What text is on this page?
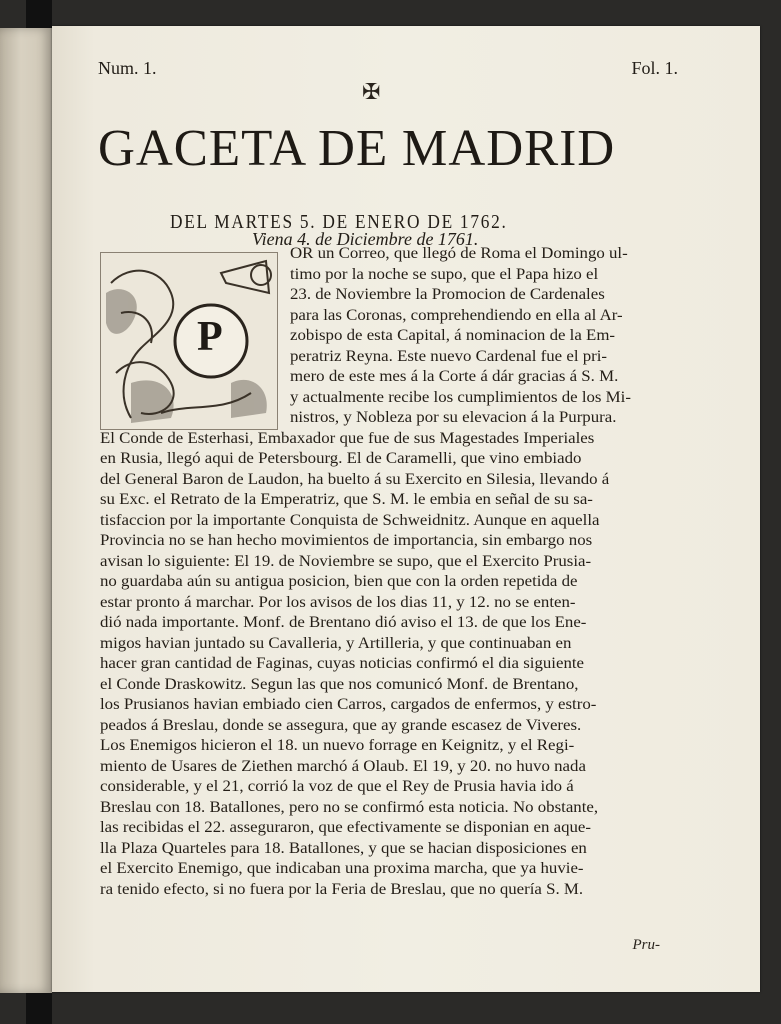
Num. 1.	Fol. 1.
✠
GACETA DE MADRID
DEL MARTES 5. DE ENERO DE 1762.
Viena 4. de Diciembre de 1761.
P
OR un Correo, que llegó de Roma el Domingo ul-
timo por la noche se supo, que el Papa hizo el
23. de Noviembre la Promocion de Cardenales
para las Coronas, comprehendiendo en ella al Ar-
zobispo de esta Capital, á nominacion de la Em-
peratriz Reyna. Este nuevo Cardenal fue el pri-
mero de este mes á la Corte á dár gracias á S. M.
y actualmente recibe los cumplimientos de los Mi-
nistros, y Nobleza por su elevacion á la Purpura.
El Conde de Esterhasi, Embaxador que fue de sus Magestades Imperiales
en Rusia, llegó aqui de Petersbourg. El de Caramelli, que vino embiado
del General Baron de Laudon, ha buelto á su Exercito en Silesia, llevando á
su Exc. el Retrato de la Emperatriz, que S. M. le embia en señal de su sa-
tisfaccion por la importante Conquista de Schweidnitz. Aunque en aquella
Provincia no se han hecho movimientos de importancia, sin embargo nos
avisan lo siguiente: El 19. de Noviembre se supo, que el Exercito Prusia-
no guardaba aún su antigua posicion, bien que con la orden repetida de
estar pronto á marchar. Por los avisos de los dias 11, y 12. no se enten-
dió nada importante. Monf. de Brentano dió aviso el 13. de que los Ene-
migos havian juntado su Cavalleria, y Artilleria, y que continuaban en
hacer gran cantidad de Faginas, cuyas noticias confirmó el dia siguiente
el Conde Draskowitz. Segun las que nos comunicó Monf. de Brentano,
los Prusianos havian embiado cien Carros, cargados de enfermos, y estro-
peados á Breslau, donde se assegura, que ay grande escasez de Viveres.
Los Enemigos hicieron el 18. un nuevo forrage en Keignitz, y el Regi-
miento de Usares de Ziethen marchó á Olaub. El 19, y 20. no huvo nada
considerable, y el 21, corrió la voz de que el Rey de Prusia havia ido á
Breslau con 18. Batallones, pero no se confirmó esta noticia. No obstante,
las recibidas el 22. asseguraron, que efectivamente se disponian en aque-
lla Plaza Quarteles para 18. Batallones, y que se hacian disposiciones en
el Exercito Enemigo, que indicaban una proxima marcha, que ya huvie-
ra tenido efecto, si no fuera por la Feria de Breslau, que no quería S. M.
Pru-
